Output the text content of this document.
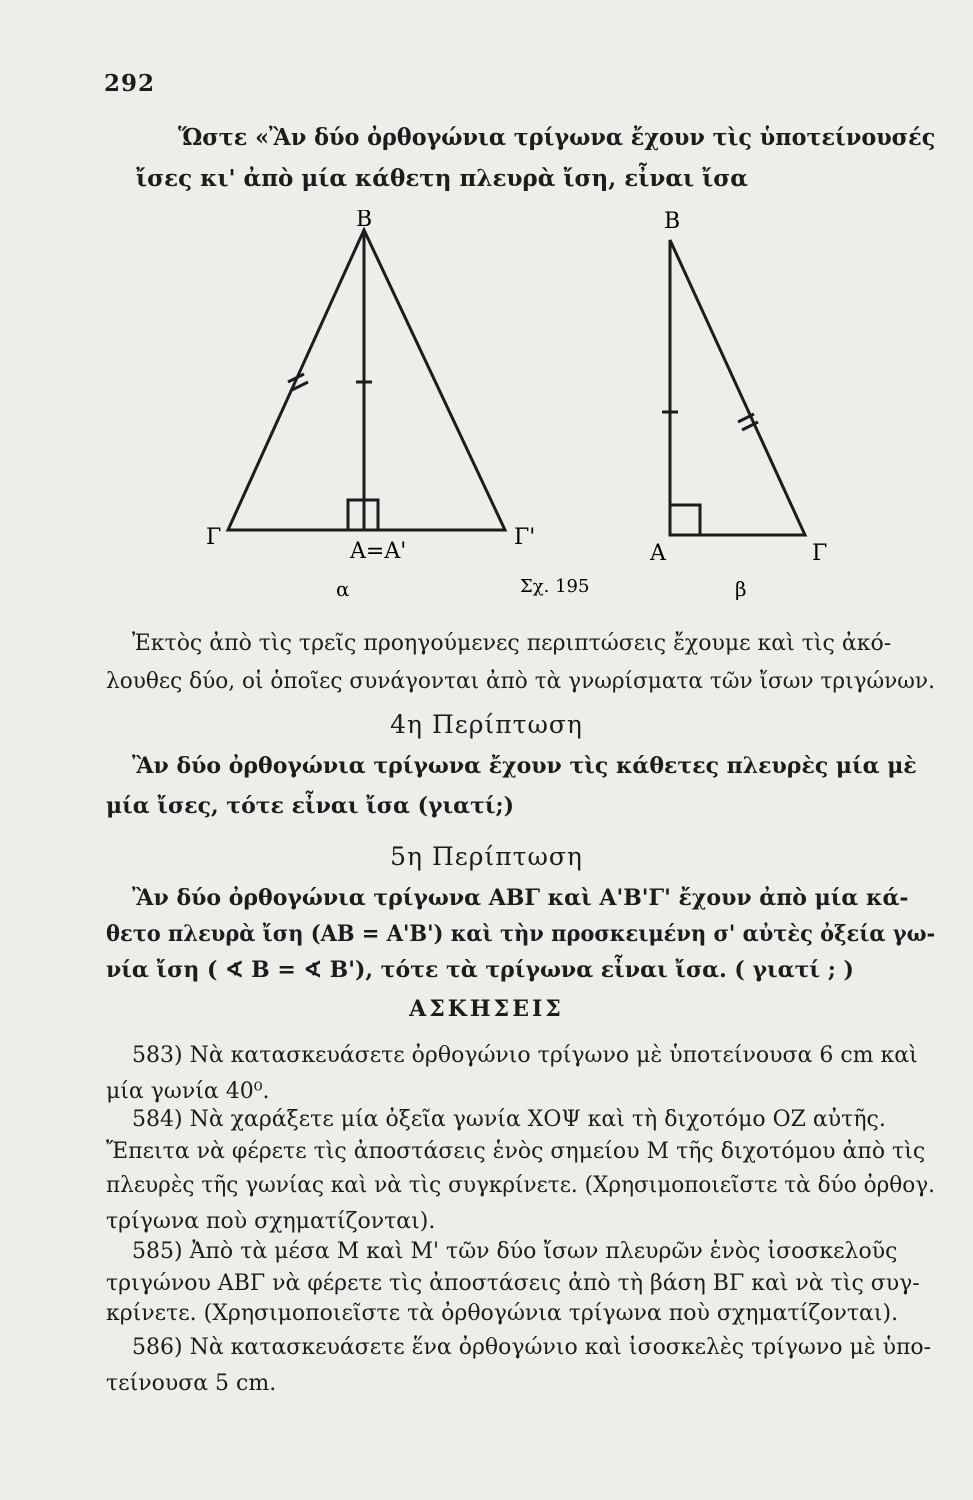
292
Ὥστε «Ἂν δύο ὀρθογώνια τρίγωνα ἔχουν τὶς ὑποτείνουσές
ἴσες κι' ἀπὸ μία κάθετη πλευρὰ ἴση, εἶναι ἴσα
B	B
Γ	Γ'
A=A'	A	Γ
α	β
Σχ. 195
Ἐκτὸς ἀπὸ τὶς τρεῖς προηγούμενες περιπτώσεις ἔχουμε καὶ τὶς ἀκό-
λουθες δύο, οἱ ὁποῖες συνάγονται ἀπὸ τὰ γνωρίσματα τῶν ἴσων τριγώνων.
4η Περίπτωση
Ἂν δύο ὀρθογώνια τρίγωνα ἔχουν τὶς κάθετες πλευρὲς μία μὲ
μία ἴσες, τότε εἶναι ἴσα (γιατί;)
5η Περίπτωση
Ἂν δύο ὀρθογώνια τρίγωνα ΑΒΓ καὶ Α'Β'Γ' ἔχουν ἀπὸ μία κά-
θετο πλευρὰ ἴση (AB = A'B') καὶ τὴν προσκειμένη σ' αὐτὲς ὀξεία γω-
νία ἴση ( ∢ B = ∢ B'), τότε τὰ τρίγωνα εἶναι ἴσα. ( γιατί ; )
ΑΣΚΗΣΕΙΣ
583) Νὰ κατασκευάσετε ὀρθογώνιο τρίγωνο μὲ ὑποτείνουσα 6 cm καὶ
μία γωνία 40⁰.
584) Νὰ χαράξετε μία ὀξεῖα γωνία ΧΟΨ καὶ τὴ διχοτόμο ΟΖ αὐτῆς.
Ἔπειτα νὰ φέρετε τὶς ἀποστάσεις ἑνὸς σημείου Μ τῆς διχοτόμου ἀπὸ τὶς
πλευρὲς τῆς γωνίας καὶ νὰ τὶς συγκρίνετε. (Χρησιμοποιεῖστε τὰ δύο ὀρθογ.
τρίγωνα ποὺ σχηματίζονται).
585) Ἀπὸ τὰ μέσα Μ καὶ Μ' τῶν δύο ἴσων πλευρῶν ἑνὸς ἰσοσκελοῦς
τριγώνου ΑΒΓ νὰ φέρετε τὶς ἀποστάσεις ἀπὸ τὴ βάση ΒΓ καὶ νὰ τὶς συγ-
κρίνετε. (Χρησιμοποιεῖστε τὰ ὀρθογώνια τρίγωνα ποὺ σχηματίζονται).
586) Νὰ κατασκευάσετε ἕνα ὀρθογώνιο καὶ ἰσοσκελὲς τρίγωνο μὲ ὑπο-
τείνουσα 5 cm.
